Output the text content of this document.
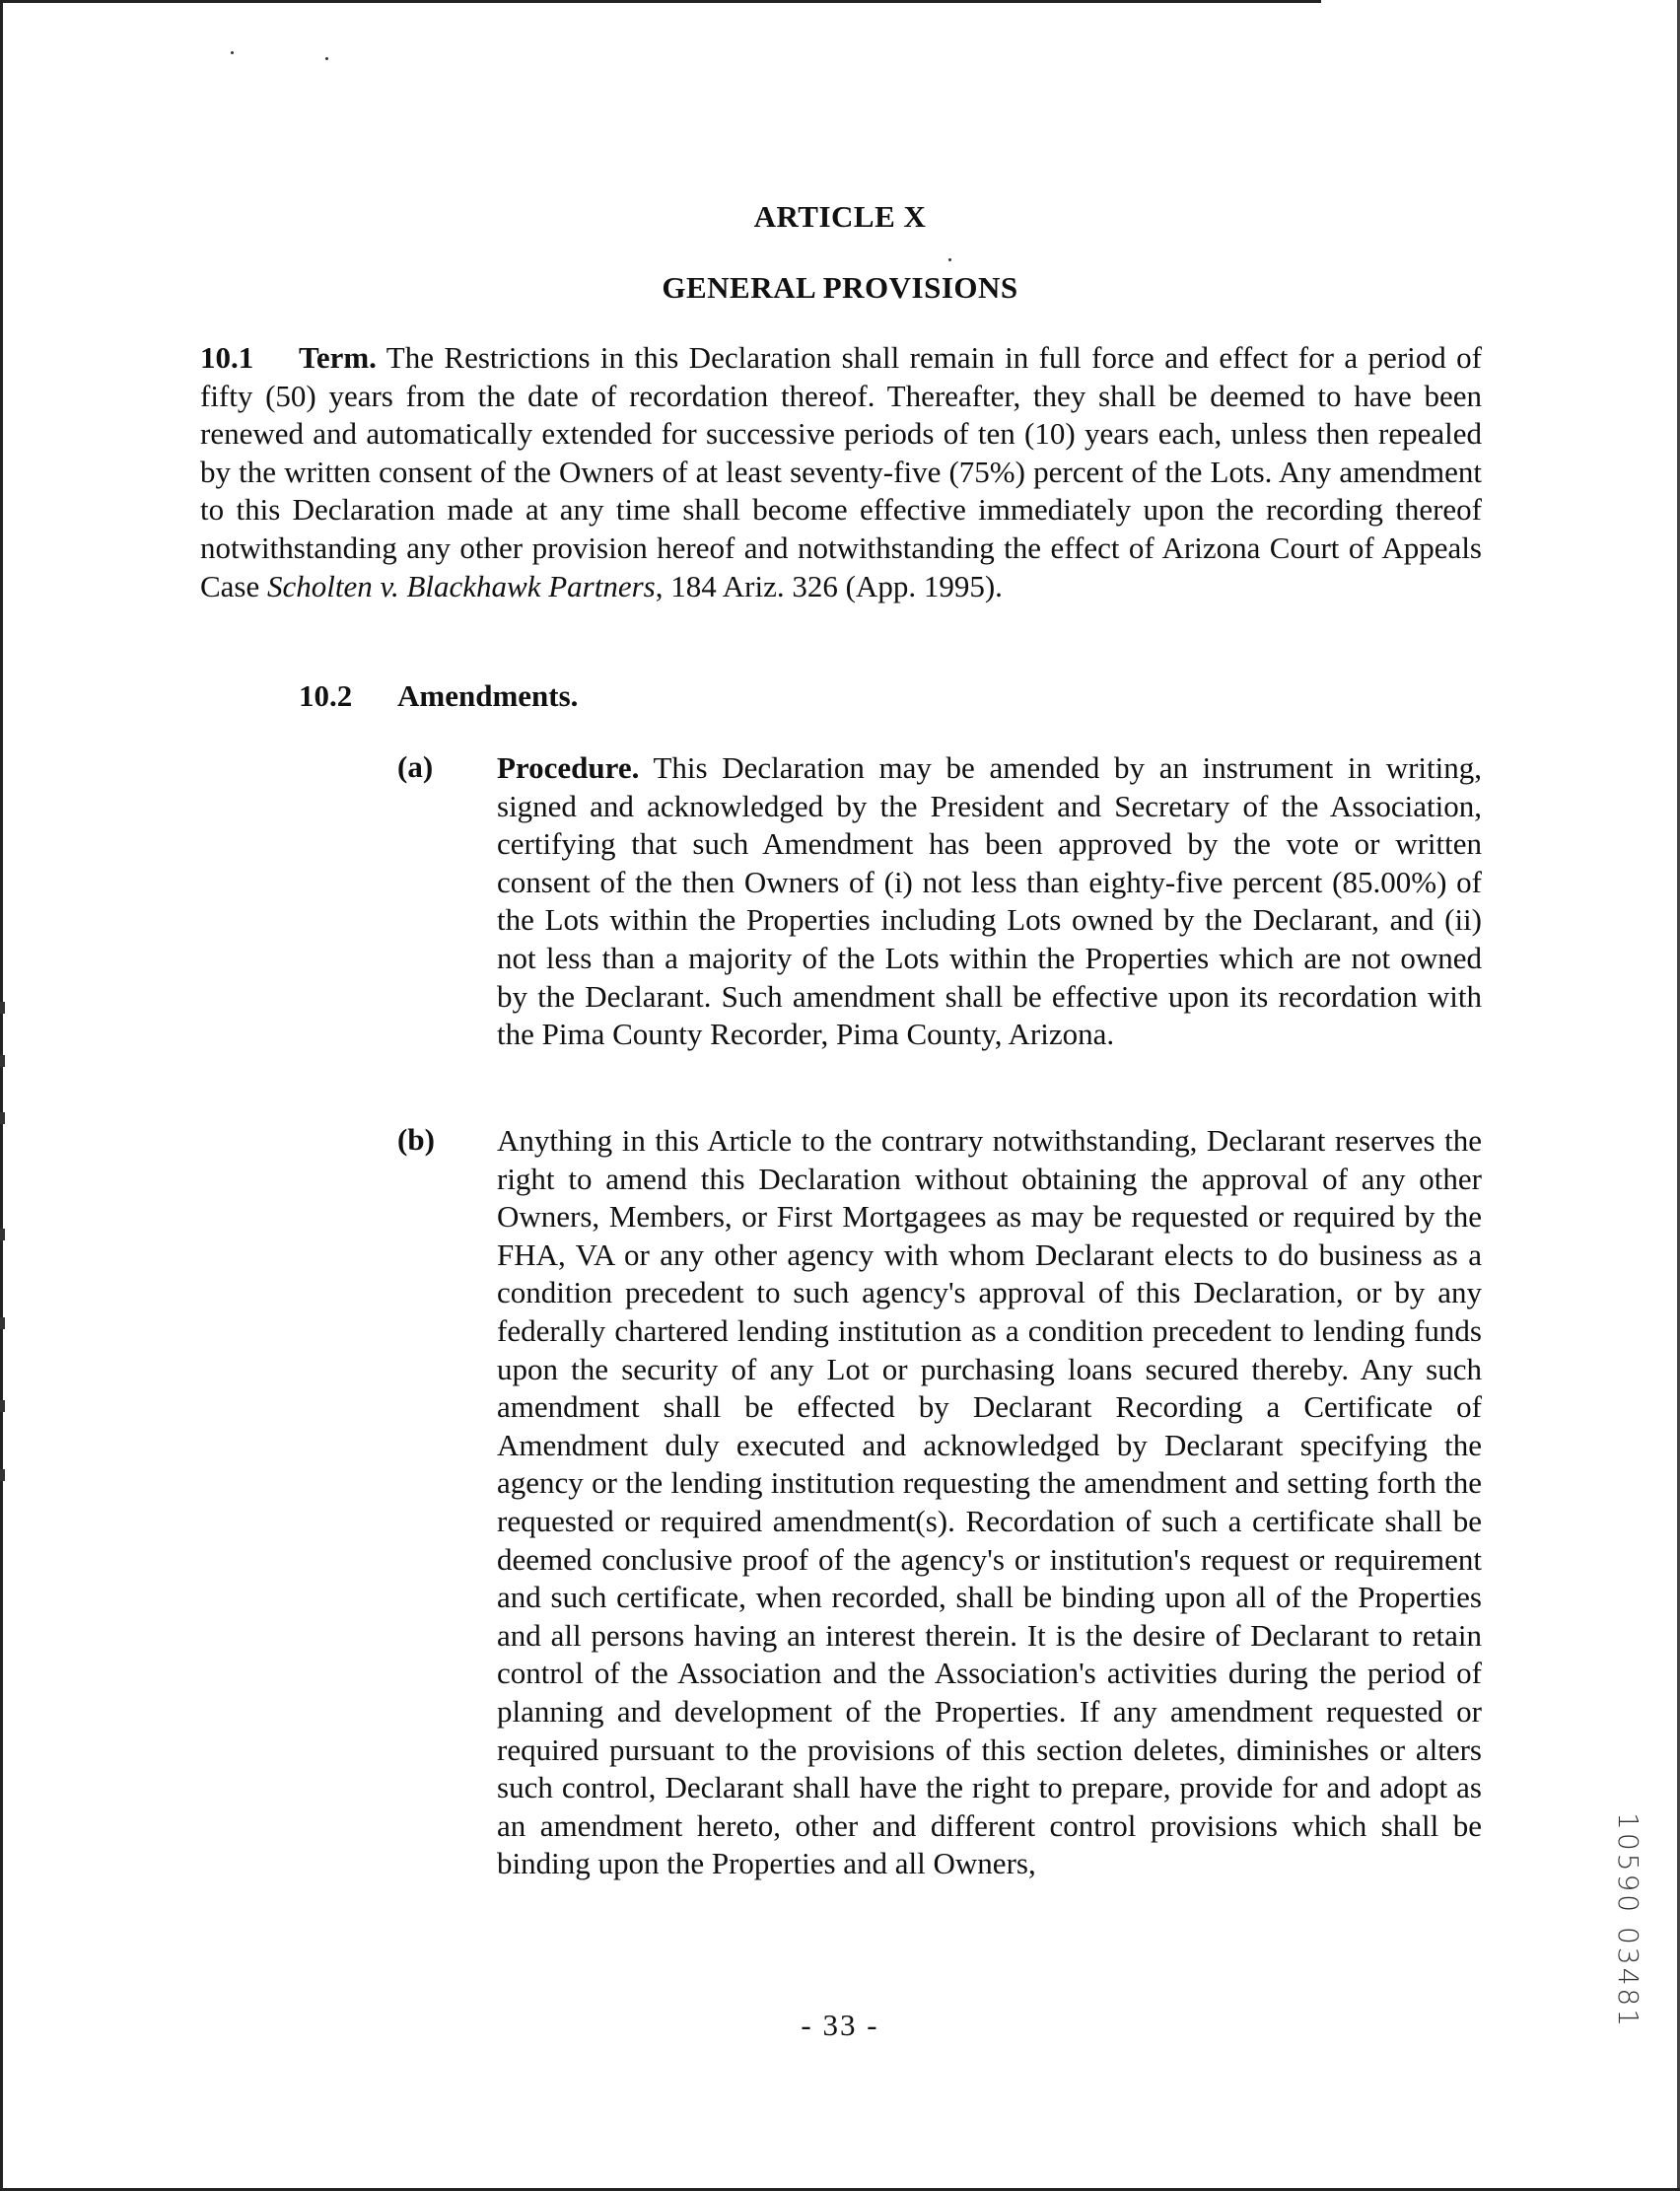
ARTICLE X
GENERAL PROVISIONS
10.1 Term. The Restrictions in this Declaration shall remain in full force and effect for a period of fifty (50) years from the date of recordation thereof. Thereafter, they shall be deemed to have been renewed and automatically extended for successive periods of ten (10) years each, unless then repealed by the written consent of the Owners of at least seventy-five (75%) percent of the Lots. Any amendment to this Declaration made at any time shall become effective immediately upon the recording thereof notwithstanding any other provision hereof and notwithstanding the effect of Arizona Court of Appeals Case Scholten v. Blackhawk Partners, 184 Ariz. 326 (App. 1995).
10.2 Amendments.
(a) Procedure. This Declaration may be amended by an instrument in writing, signed and acknowledged by the President and Secretary of the Association, certifying that such Amendment has been approved by the vote or written consent of the then Owners of (i) not less than eighty-five percent (85.00%) of the Lots within the Properties including Lots owned by the Declarant, and (ii) not less than a majority of the Lots within the Properties which are not owned by the Declarant. Such amendment shall be effective upon its recordation with the Pima County Recorder, Pima County, Arizona.
(b) Anything in this Article to the contrary notwithstanding, Declarant reserves the right to amend this Declaration without obtaining the approval of any other Owners, Members, or First Mortgagees as may be requested or required by the FHA, VA or any other agency with whom Declarant elects to do business as a condition precedent to such agency's approval of this Declaration, or by any federally chartered lending institution as a condition precedent to lending funds upon the security of any Lot or purchasing loans secured thereby. Any such amendment shall be effected by Declarant Recording a Certificate of Amendment duly executed and acknowledged by Declarant specifying the agency or the lending institution requesting the amendment and setting forth the requested or required amendment(s). Recordation of such a certificate shall be deemed conclusive proof of the agency's or institution's request or requirement and such certificate, when recorded, shall be binding upon all of the Properties and all persons having an interest therein. It is the desire of Declarant to retain control of the Association and the Association's activities during the period of planning and development of the Properties. If any amendment requested or required pursuant to the provisions of this section deletes, diminishes or alters such control, Declarant shall have the right to prepare, provide for and adopt as an amendment hereto, other and different control provisions which shall be binding upon the Properties and all Owners,
- 33 -	10590 03481
